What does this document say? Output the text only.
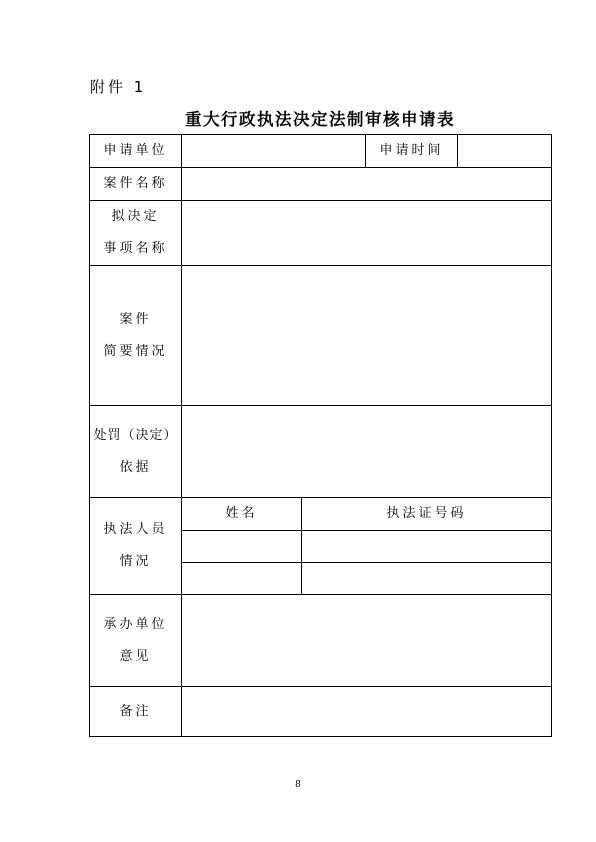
附件 1
重大行政执法决定法制审核申请表
申请单位			申请时间	
案件名称				

拟决定
事项名称				

案件
简要情况				

处罚（决定）
依据				

执法人员
情况	姓名	执法证号码		

承办单位
意见				

备注				
8
